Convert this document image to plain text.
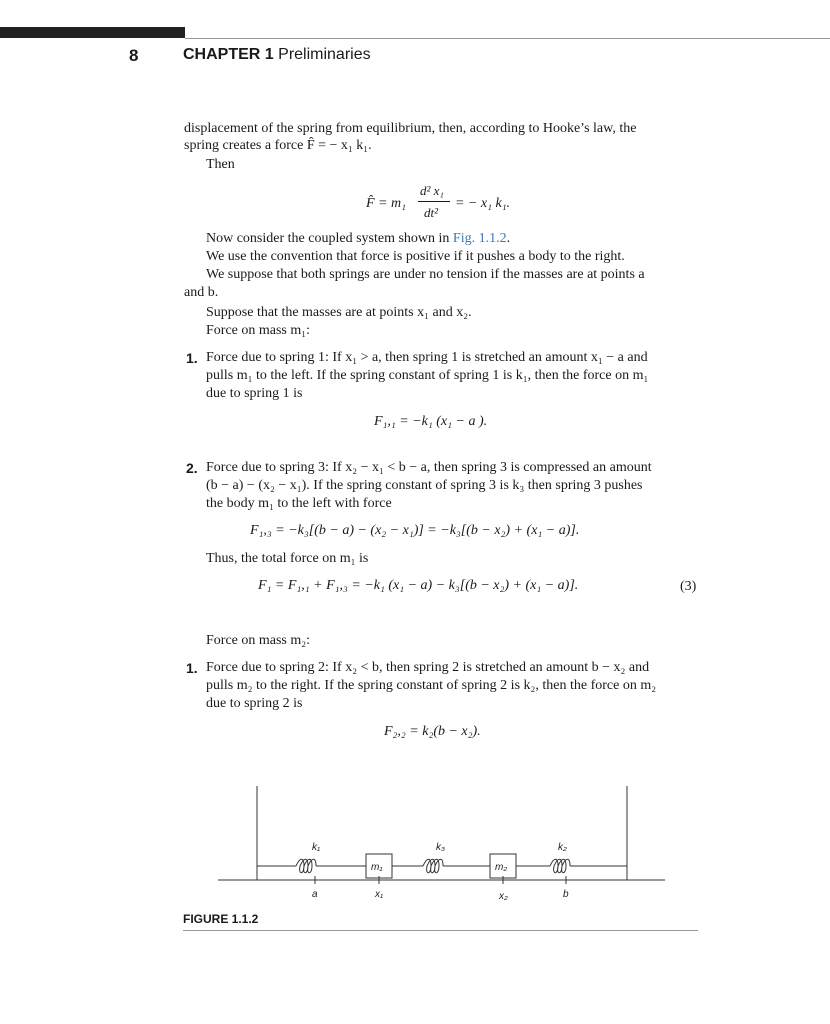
8	CHAPTER 1 Preliminaries
displacement of the spring from equilibrium, then, according to Hooke’s law, the
spring creates a force F̂ = − x₁ k₁.
Then
F̂ = m₁
d² x₁
dt²
= − x₁ k₁.
Now consider the coupled system shown in Fig. 1.1.2.
We use the convention that force is positive if it pushes a body to the right.
We suppose that both springs are under no tension if the masses are at points a
and b.
Suppose that the masses are at points x₁ and x₂.
Force on mass m₁:
1. Force due to spring 1: If x₁ > a, then spring 1 is stretched an amount x₁ − a and
pulls m₁ to the left. If the spring constant of spring 1 is k₁, then the force on m₁
due to spring 1 is
F₁,₁ = −k₁ (x₁ − a ).
2. Force due to spring 3: If x₂ − x₁ < b − a, then spring 3 is compressed an amount
(b − a) − (x₂ − x₁). If the spring constant of spring 3 is k₃ then spring 3 pushes
the body m₁ to the left with force
F₁,₃ = −k₃[(b − a) − (x₂ − x₁)] = −k₃[(b − x₂) + (x₁ − a)].
Thus, the total force on m₁ is
F₁ = F₁,₁ + F₁,₃ = −k₁ (x₁ − a) − k₃[(b − x₂) + (x₁ − a)].	(3)
Force on mass m₂:
1. Force due to spring 2: If x₂ < b, then spring 2 is stretched an amount b − x₂ and
pulls m₂ to the right. If the spring constant of spring 2 is k₂, then the force on m₂
due to spring 2 is
F₂,₂ = k₂(b − x₂).
k₁	k₃	k₂
m₁	m₂
a	x₁	x₂	b
FIGURE 1.1.2
